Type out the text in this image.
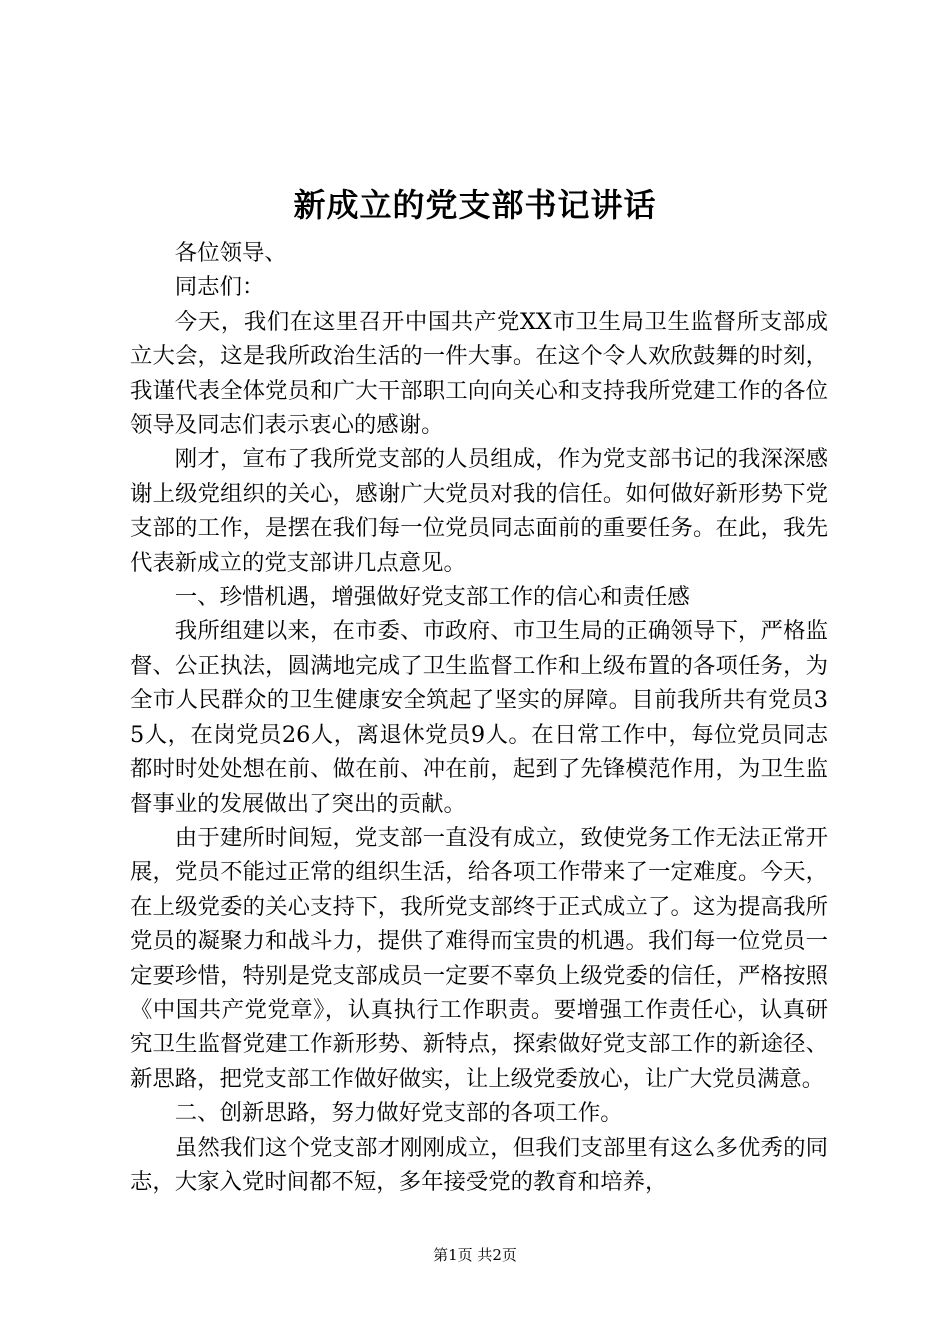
新成立的党支部书记讲话

各位领导、

同志们：

今天，我们在这里召开中国共产党XX市卫生局卫生监督所支部成立大会，这是我所政治生活的一件大事。在这个令人欢欣鼓舞的时刻，我谨代表全体党员和广大干部职工向向关心和支持我所党建工作的各位领导及同志们表示衷心的感谢。

刚才，宣布了我所党支部的人员组成，作为党支部书记的我深深感谢上级党组织的关心，感谢广大党员对我的信任。如何做好新形势下党支部的工作，是摆在我们每一位党员同志面前的重要任务。在此，我先代表新成立的党支部讲几点意见。

一、珍惜机遇，增强做好党支部工作的信心和责任感

我所组建以来，在市委、市政府、市卫生局的正确领导下，严格监督、公正执法，圆满地完成了卫生监督工作和上级布置的各项任务，为全市人民群众的卫生健康安全筑起了坚实的屏障。目前我所共有党员35人，在岗党员26人，离退休党员9人。在日常工作中，每位党员同志都时时处处想在前、做在前、冲在前，起到了先锋模范作用，为卫生监督事业的发展做出了突出的贡献。

由于建所时间短，党支部一直没有成立，致使党务工作无法正常开展，党员不能过正常的组织生活，给各项工作带来了一定难度。今天，在上级党委的关心支持下，我所党支部终于正式成立了。这为提高我所党员的凝聚力和战斗力，提供了难得而宝贵的机遇。我们每一位党员一定要珍惜，特别是党支部成员一定要不辜负上级党委的信任，严格按照《中国共产党党章》，认真执行工作职责。要增强工作责任心，认真研究卫生监督党建工作新形势、新特点，探索做好党支部工作的新途径、新思路，把党支部工作做好做实，让上级党委放心，让广大党员满意。

二、创新思路，努力做好党支部的各项工作。

虽然我们这个党支部才刚刚成立，但我们支部里有这么多优秀的同志，大家入党时间都不短，多年接受党的教育和培养，

第1页 共2页
